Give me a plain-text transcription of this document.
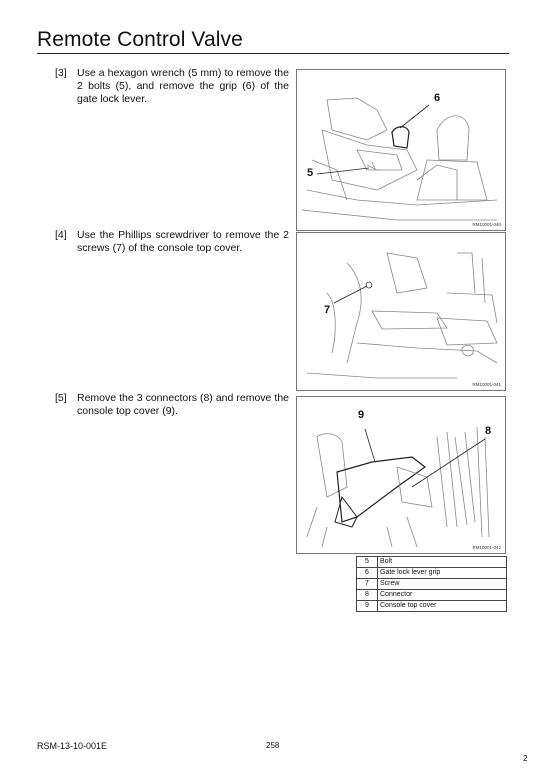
Remote Control Valve
[3] Use a hexagon wrench (5 mm) to remove the 2 bolts (5), and remove the grip (6) of the gate lock lever.
[4] Use the Phillips screwdriver to remove the 2 screws (7) of the console top cover.
[5] Remove the 3 connectors (8) and remove the console top cover (9).
6
5
RM10001-040
7
RM10001-041
9
8
RM10001-042
5	Bolt
6	Gate lock lever grip
7	Screw
8	Connector
9	Console top cover
RSM-13-10-001E	258
2
